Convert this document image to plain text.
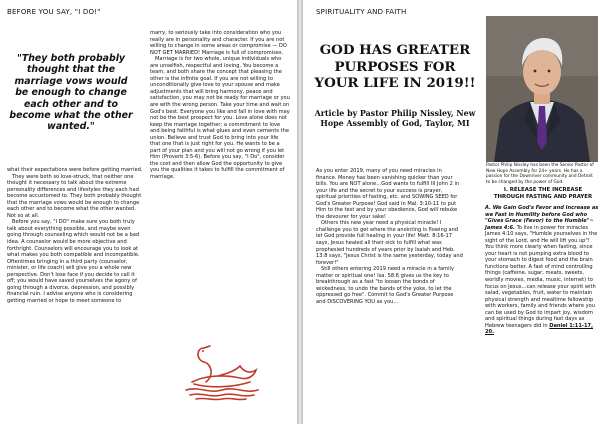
BEFORE YOU SAY, "I DO!"
"They both probably thought that the marriage vows would be enough to change each other and to become what the other wanted."

what their expectations were before getting married.

They were both so love-struck, that neither one thought it necessary to talk about the extreme personality differences and lifestyles they each had become accustomed to. They both probably thought that the marriage vows would be enough to change each other and to become what the other wanted. Not so at all.

Before you say, "I DO" make sure you both truly talk about everything possible, and maybe even going through counseling which would not be a bad idea. A counselor would be more objective and forthright. Counselors will encourage you to look at what makes you both compatible and incompatible. Oftentimes bringing in a third party (counselor, minister, or life coach) will give you a whole new perspective. Don't lose face if you decide to call it off; you would have saved yourselves the agony of going through a divorce, depression, and possibly financial ruin. I advise anyone who is considering getting married or hope to meet someone to

marry, to seriously take into consideration who you really are in personality and character. If you are not willing to change in some areas or compromise — DO NOT GET MARRIED! Marriage is full of compromises.

Marriage is for two whole, unique individuals who are unselfish, respectful and loving. You become a team, and both share the concept that pleasing the other is the infinite goal. If you are not willing to unconditionally give love to your spouse and make adjustments that will bring harmony, peace and satisfaction, you may not be ready for marriage or you are with the wrong person. Take your time and wait on God's best. Everyone you like and fall in love with may not be the best prospect for you. Love alone does not keep the marriage together; a commitment to love and being faithful is what glues and even cements the union. Believe and trust God to bring into your life that one that is just right for you. He wants to be a part of your plan and you will not go wrong if you let Him (Proverb 3:5-6). Before you say, "I Do", consider the cost and then allow God the opportunity to give you the qualities it takes to fulfill the commitment of marriage.

SPIRITUALITY AND FAITH
GOD HAS GREATER PURPOSES FOR YOUR LIFE IN 2019!!

Article by Pastor Philip Nissley, New Hope Assembly of God, Taylor, MI

As you enter 2019, many of you need miracles in finance. Money has been vanishing quicker than your bills. You are NOT alone…God wants to fulfill III John 2 in your life and the secret to your success is prayer, spiritual priorities of fasting, etc. and SOWING SEED for God's Greater Purpose! God said in Mal. 3:10-11 to put Him to the test and by your obedience, God will rebuke the devourer for your sake!

Others this new year need a physical miracle! I challenge you to get where the anointing is flowing and let God provide full healing in your life! Matt. 8:16-17 says, Jesus healed all their sick to fulfill what was prophesied hundreds of years prior by Isaiah and Heb. 13:8 says, "Jesus Christ is the same yesterday, today and forever!"

Still others entering 2019 need a miracle in a family matter or spiritual one! Isa. 58:6 gives us the key to breakthrough as a fast "to loosen the bonds of wickedness, to undo the bands of the yoke, to let the oppressed go free". Commit to God's Greater Purpose and DISCOVERING YOU as you…

Pastor Philip Nissley has been the Senior Pastor of New Hope Assembly for 24+ years. He has a passion for the Downriver community and Detroit to be changed by the power of God.
I. RELEASE THE INCREASE THROUGH FASTING AND PRAYER

A. We Gain God's Favor and Increase as we Fast in Humility before God who "Gives Grace (Favor) to the Humble"~ James 4:6. To live in power for miracles James 4:10 says, "Humble yourselves in the sight of the Lord, and He will lift you up"! You think more clearly when fasting, since your heart is not pumping extra blood to your stomach to digest food and the brain functions better. A fast of mind controlling things (caffeine, sugar, meats, sweets, worldly movies, media, music, internet) to focus on Jesus…can release your spirit with salad, vegetables, fruit, water to maintain physical strength and mealtime fellowship with workers, family and friends where you can be used by God to impart joy, wisdom and spiritual things during fast days as Hebrew teenagers did in Daniel 1:11-17, 20.
